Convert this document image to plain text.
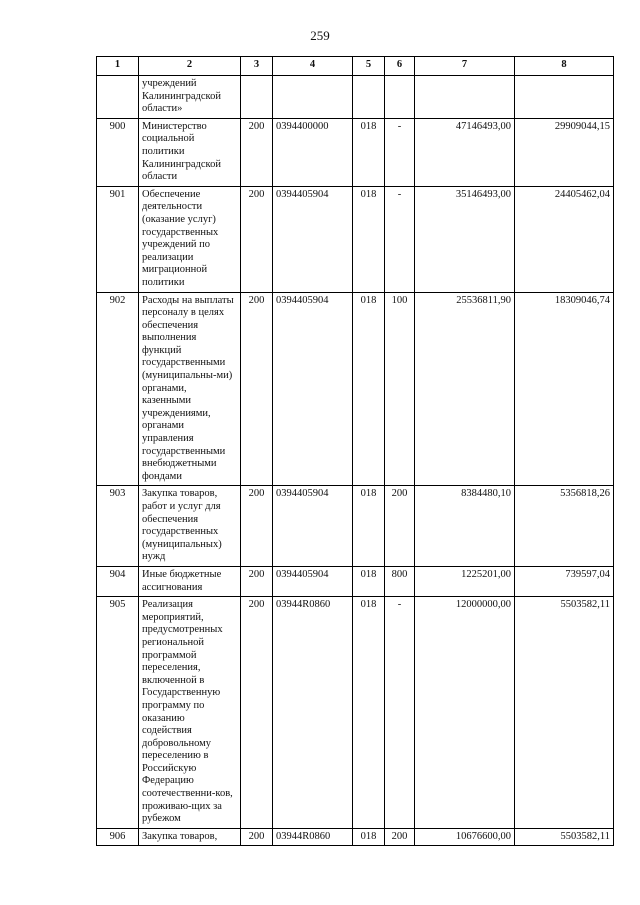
259
1	2	3	4	5	6	7	8
	учреждений Калининградской области»						
900	Министерство социальной политики Калининградской области	200	0394400000	018	-	47146493,00	29909044,15
901	Обеспечение деятельности (оказание услуг) государственных учреждений по реализации миграционной политики	200	0394405904	018	-	35146493,00	24405462,04
902	Расходы на выплаты персоналу в целях обеспечения выполнения функций государственными (муниципальны-ми) органами, казенными учреждениями, органами управления государственными внебюджетными фондами	200	0394405904	018	100	25536811,90	18309046,74
903	Закупка товаров, работ и услуг для обеспечения государственных (муниципальных) нужд	200	0394405904	018	200	8384480,10	5356818,26
904	Иные бюджетные ассигнования	200	0394405904	018	800	1225201,00	739597,04
905	Реализация мероприятий, предусмотренных региональной программой переселения, включенной в Государственную программу по оказанию содействия добровольному переселению в Российскую Федерацию соотечественни-ков, проживаю-щих за рубежом	200	03944R0860	018	-	12000000,00	5503582,11
906	Закупка товаров,	200	03944R0860	018	200	10676600,00	5503582,11
